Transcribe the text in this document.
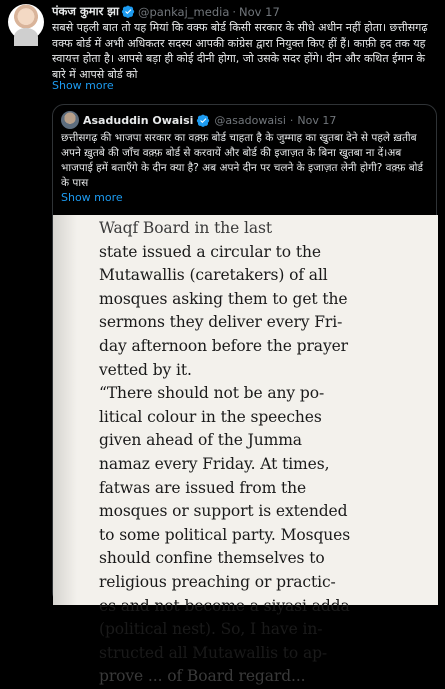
पंकज कुमार झा @pankaj_media · Nov 17
सबसे पहली बात तो यह मियां कि वक्फ बोर्ड किसी सरकार के सीधे अधीन नहीं होता। छत्तीसगढ़ वक्फ बोर्ड में अभी अधिकतर सदस्य आपकी कांग्रेस द्वारा नियुक्त किए हीं हैं। काफ़ी हद तक यह स्वायत्त होता है। आपसे बड़ा ही कोई दीनी होगा, जो उसके सदर होंगे। दीन और कथित ईमान के बारे में आपसे बोर्ड को
Show more
Asaduddin Owaisi @asadowaisi · Nov 17
छत्तीसगढ़ की भाजपा सरकार का वक़्फ़ बोर्ड चाहता है के जुम्माह का खुतबा देने से पहले ख़तीब अपने ख़ुतबे की जाँच वक़्फ़ बोर्ड से करवायें और बोर्ड की इजाज़त के बिना खुतबा ना दें।अब भाजपाई हमें बताएँगे के दीन क्या है? अब अपने दीन पर चलने के इजाज़त लेनी होगी? वक़्फ़ बोर्ड के पास
Show more
Waqf Board in the last
state issued a circular to the
Mutawallis (caretakers) of all
mosques asking them to get the
sermons they deliver every Fri-
day afternoon before the prayer
vetted by it.
“There should not be any po-
litical colour in the speeches
given ahead of the Jumma
namaz every Friday. At times,
fatwas are issued from the
mosques or support is extended
to some political party. Mosques
should confine themselves to
religious preaching or practic-
es and not become a siyasi adda
(political nest). So, I have in-
structed all Mutawallis to ap-
prove ... of Board regard...
